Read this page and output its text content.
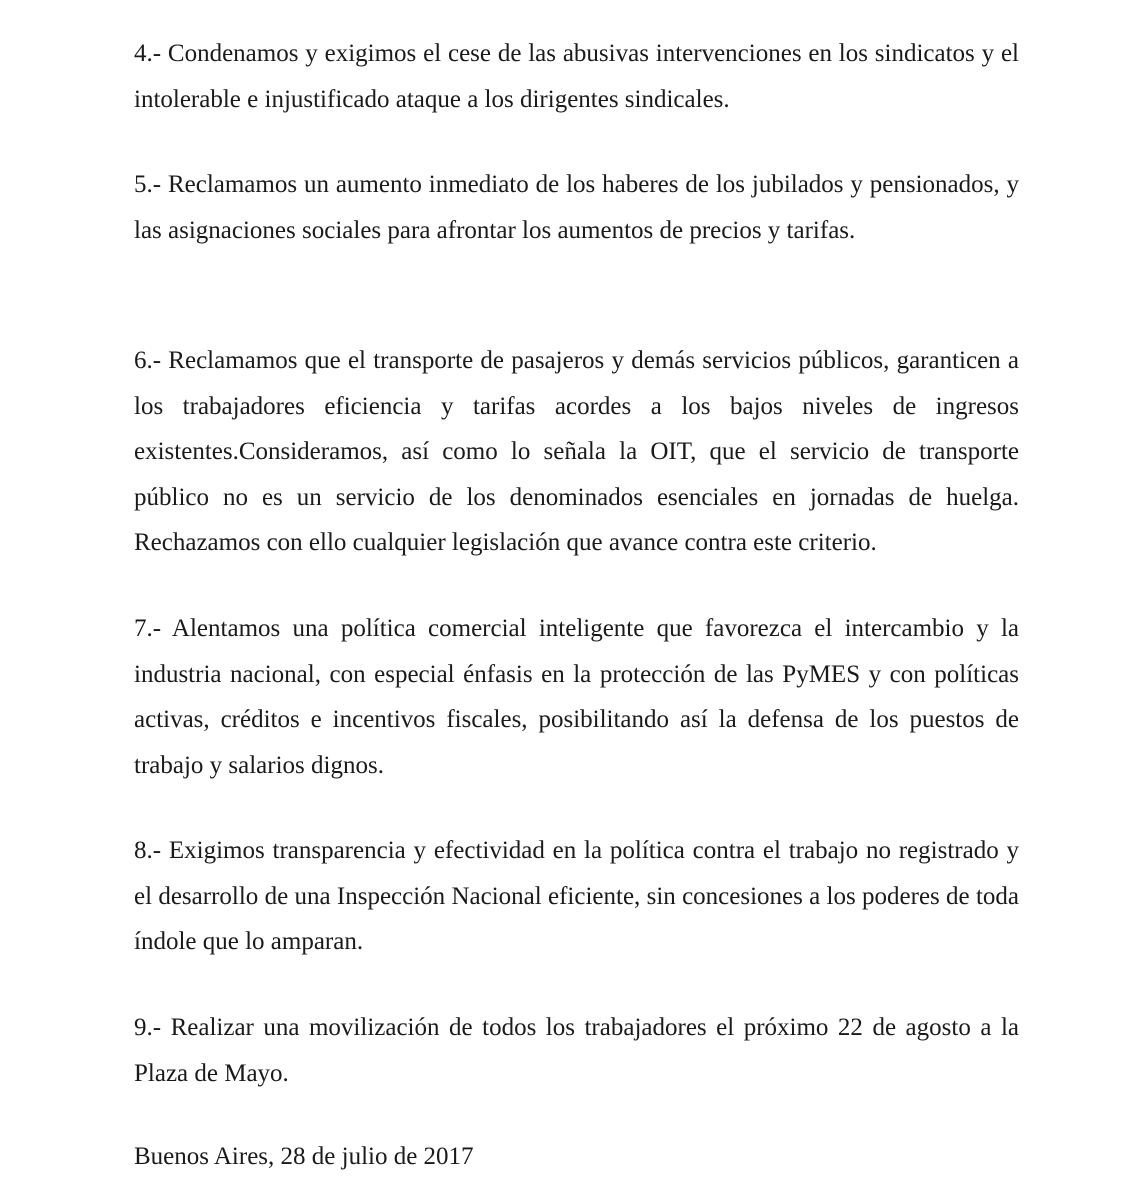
4.- Condenamos y exigimos el cese de las abusivas intervenciones en los sindicatos y el intolerable e injustificado ataque a los dirigentes sindicales.

5.- Reclamamos un aumento inmediato de los haberes de los jubilados y pensionados, y las asignaciones sociales para afrontar los aumentos de precios y tarifas.

6.- Reclamamos que el transporte de pasajeros y demás servicios públicos, garanticen a los trabajadores eficiencia y tarifas acordes a los bajos niveles de ingresos existentes.Consideramos, así como lo señala la OIT, que el servicio de transporte público no es un servicio de los denominados esenciales en jornadas de huelga. Rechazamos con ello cualquier legislación que avance contra este criterio.

7.- Alentamos una política comercial inteligente que favorezca el intercambio y la industria nacional, con especial énfasis en la protección de las PyMES y con políticas activas, créditos e incentivos fiscales, posibilitando así la defensa de los puestos de trabajo y salarios dignos.

8.- Exigimos transparencia y efectividad en la política contra el trabajo no registrado y el desarrollo de una Inspección Nacional eficiente, sin concesiones a los poderes de toda índole que lo amparan.

9.- Realizar una movilización de todos los trabajadores el próximo 22 de agosto a la Plaza de Mayo.

Buenos Aires, 28 de julio de 2017
